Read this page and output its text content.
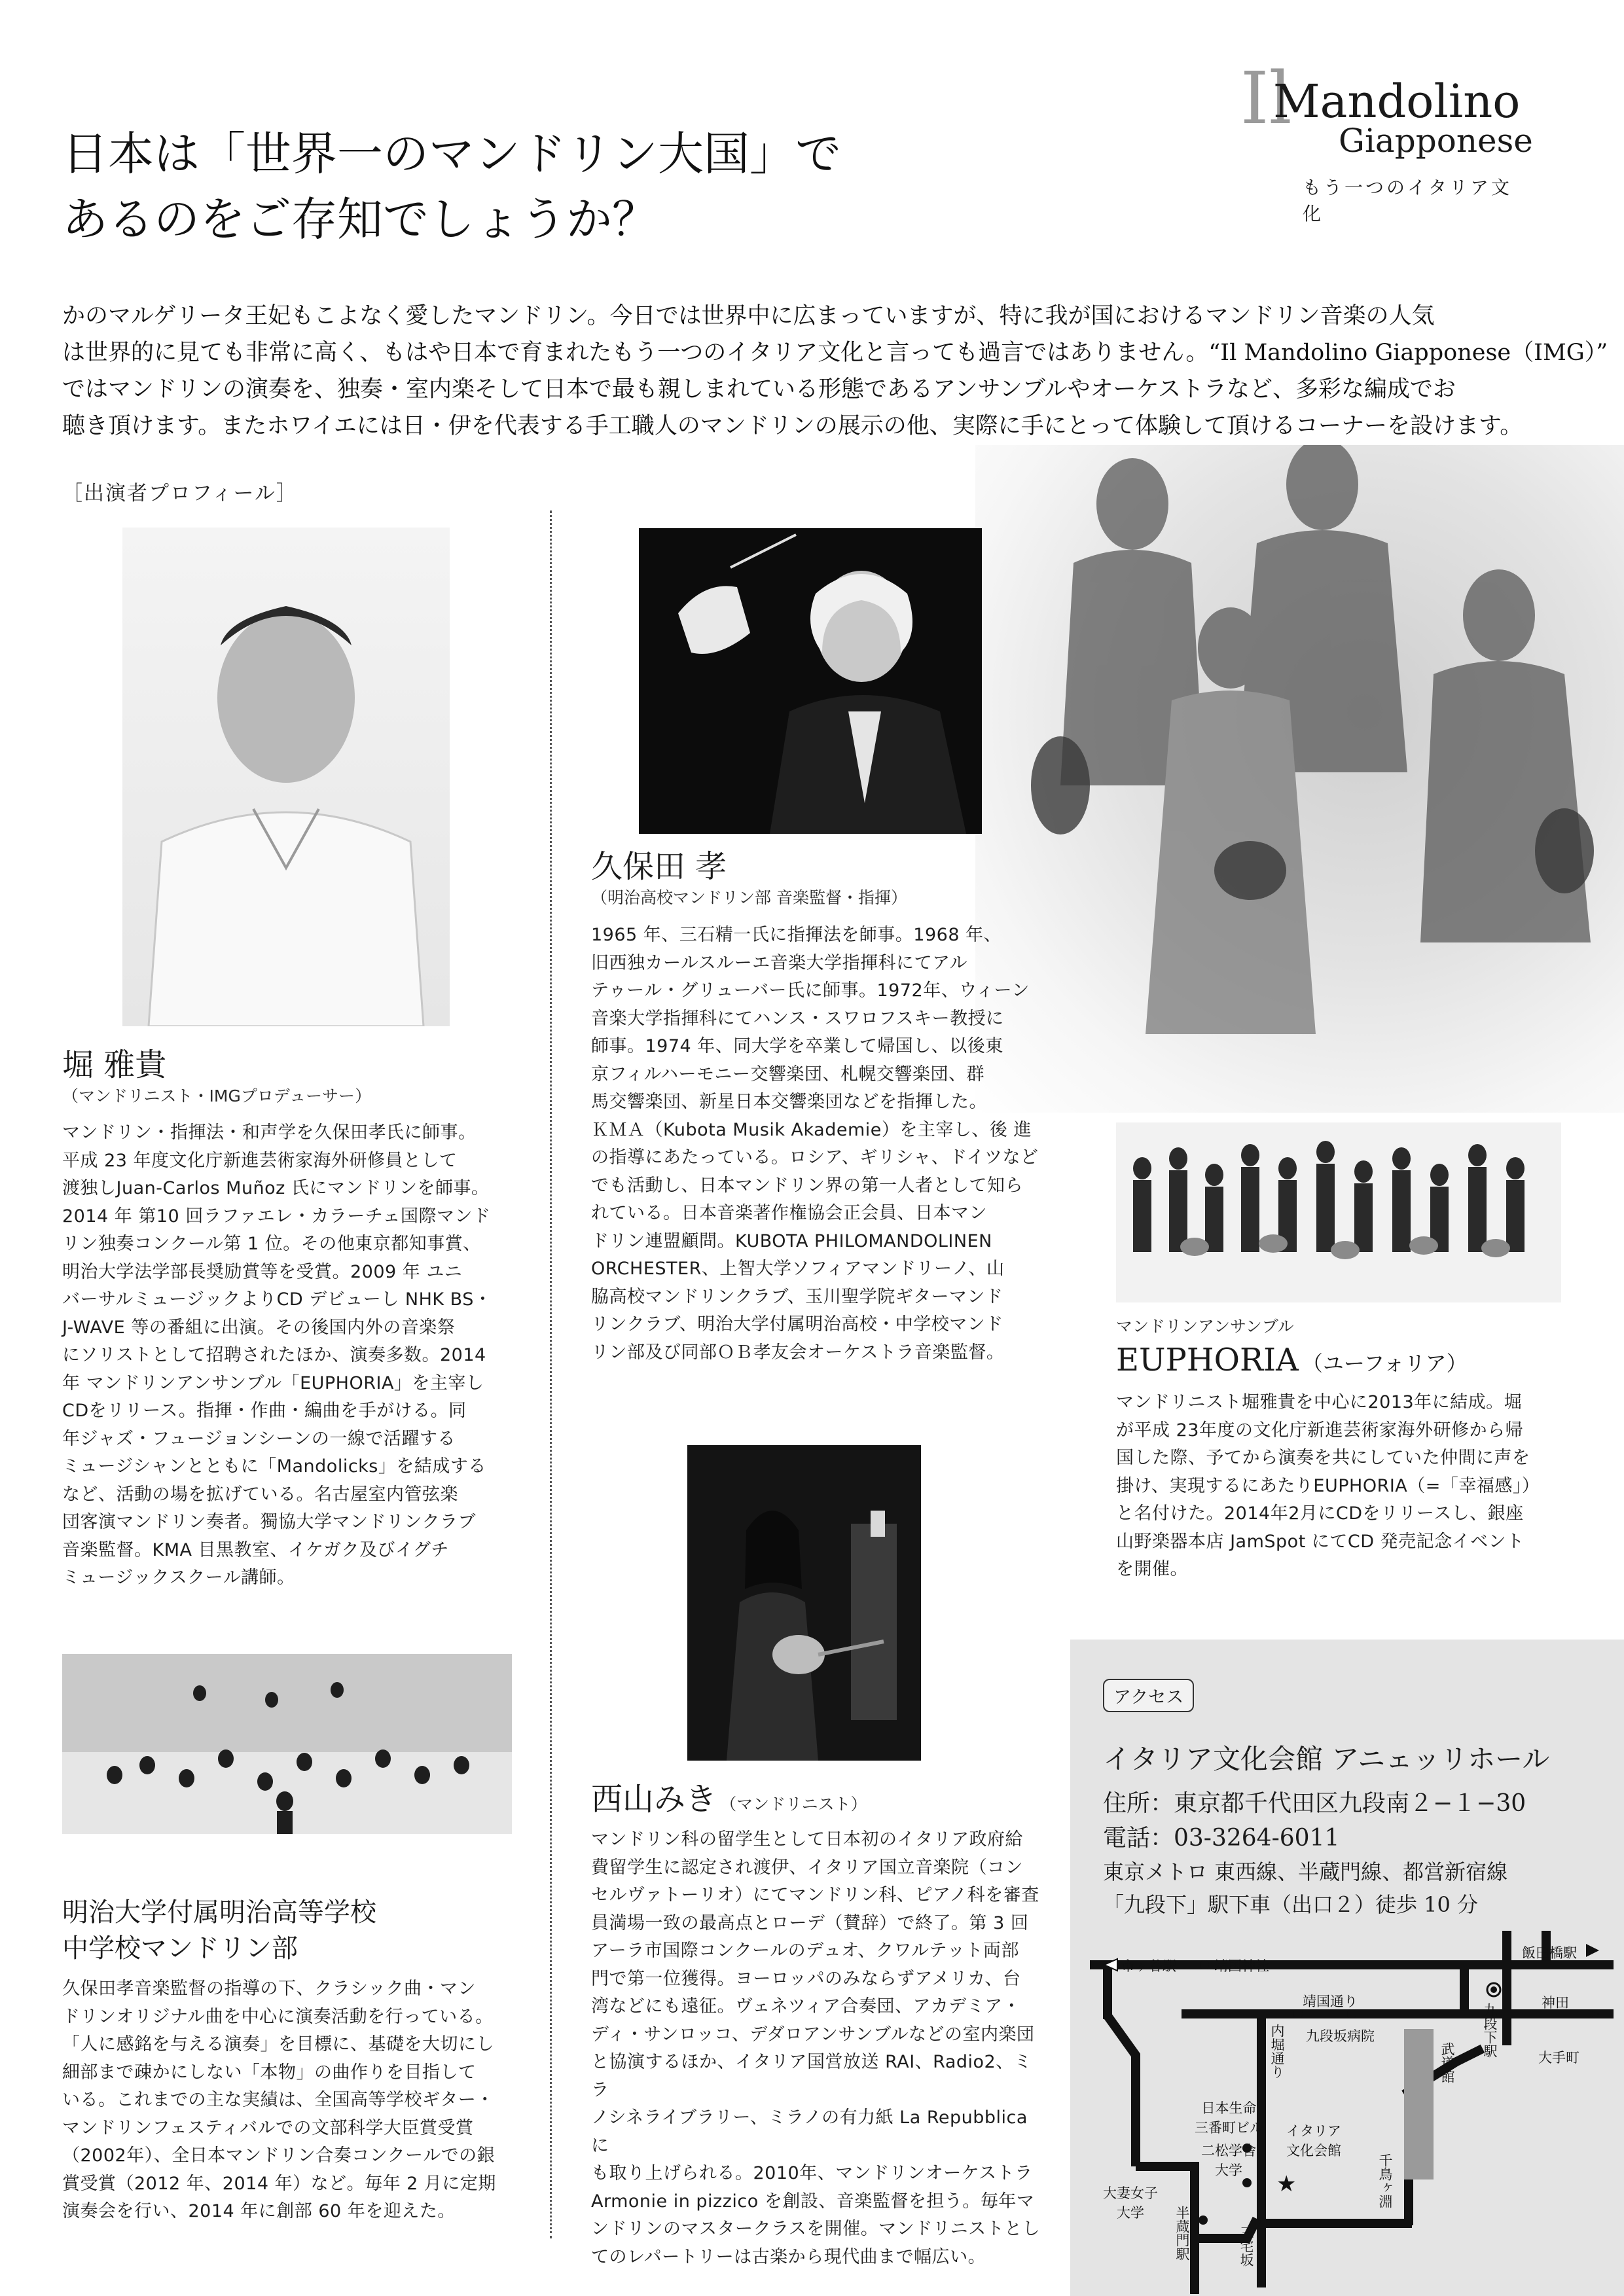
Il
Mandolino
Giapponese
もう一つのイタリア文化
日本は「世界一のマンドリン大国」で
あるのをご存知でしょうか？
かのマルゲリータ王妃もこよなく愛したマンドリン。今日では世界中に広まっていますが、特に我が国におけるマンドリン音楽の人気
は世界的に見ても非常に高く、もはや日本で育まれたもう一つのイタリア文化と言っても過言ではありません。“Il Mandolino Giapponese（IMG）”
ではマンドリンの演奏を、独奏・室内楽そして日本で最も親しまれている形態であるアンサンブルやオーケストラなど、多彩な編成でお
聴き頂けます。またホワイエには日・伊を代表する手工職人のマンドリンの展示の他、実際に手にとって体験して頂けるコーナーを設けます。
［出演者プロフィール］
堀 雅貴
（マンドリニスト・IMGプロデューサー）
マンドリン・指揮法・和声学を久保田孝氏に師事。
平成 23 年度文化庁新進芸術家海外研修員として
渡独しJuan-Carlos Muñoz 氏にマンドリンを師事。
2014 年 第10 回ラファエレ・カラーチェ国際マンド
リン独奏コンクール第 1 位。その他東京都知事賞、
明治大学法学部長奨励賞等を受賞。2009 年 ユニ
バーサルミュージックよりCD デビューし NHK BS・
J-WAVE 等の番組に出演。その後国内外の音楽祭
にソリストとして招聘されたほか、演奏多数。2014
年 マンドリンアンサンブル「EUPHORIA」を主宰し
CDをリリース。指揮・作曲・編曲を手がける。同
年ジャズ・フュージョンシーンの一線で活躍する
ミュージシャンとともに「Mandolicks」を結成する
など、活動の場を拡げている。名古屋室内管弦楽
団客演マンドリン奏者。獨協大学マンドリンクラブ
音楽監督。KMA 目黒教室、イケガク及びイグチ
ミュージックスクール講師。
久保田 孝
（明治高校マンドリン部 音楽監督・指揮）
1965 年、三石精一氏に指揮法を師事。1968 年、
旧西独カールスルーエ音楽大学指揮科にてアル
テゥール・グリューバー氏に師事。1972年、ウィーン
音楽大学指揮科にてハンス・スワロフスキー教授に
師事。1974 年、同大学を卒業して帰国し、以後東
京フィルハーモニー交響楽団、札幌交響楽団、群
馬交響楽団、新星日本交響楽団などを指揮した。
ＫＭＡ（Kubota Musik Akademie）を主宰し、後 進
の指導にあたっている。ロシア、ギリシャ、ドイツなど
でも活動し、日本マンドリン界の第一人者として知ら
れている。日本音楽著作権協会正会員、日本マン
ドリン連盟顧問。KUBOTA PHILOMANDOLINEN
ORCHESTER、上智大学ソフィアマンドリーノ、山
脇高校マンドリンクラブ、玉川聖学院ギターマンド
リンクラブ、明治大学付属明治高校・中学校マンド
リン部及び同部ＯＢ孝友会オーケストラ音楽監督。
マンドリンアンサンブル
EUPHORIA （ユーフォリア）
マンドリニスト堀雅貴を中心に2013年に結成。堀
が平成 23年度の文化庁新進芸術家海外研修から帰
国した際、予てから演奏を共にしていた仲間に声を
掛け、実現するにあたりEUPHORIA（=「幸福感」）
と名付けた。2014年2月にCDをリリースし、銀座
山野楽器本店 JamSpot にてCD 発売記念イベント
を開催。
明治大学付属明治高等学校
中学校マンドリン部
久保田孝音楽監督の指導の下、クラシック曲・マン
ドリンオリジナル曲を中心に演奏活動を行っている。
「人に感銘を与える演奏」を目標に、基礎を大切にし
細部まで疎かにしない「本物」の曲作りを目指して
いる。これまでの主な実績は、全国高等学校ギター・
マンドリンフェスティバルでの文部科学大臣賞受賞
（2002年）、全日本マンドリン合奏コンクールでの銀
賞受賞（2012 年、2014 年）など。毎年 2 月に定期
演奏会を行い、2014 年に創部 60 年を迎えた。
西山みき （マンドリニスト）
マンドリン科の留学生として日本初のイタリア政府給
費留学生に認定され渡伊、イタリア国立音楽院（コン
セルヴァトーリオ）にてマンドリン科、ピアノ科を審査
員満場一致の最高点とローデ（賛辞）で終了。第 3 回
アーラ市国際コンクールのデュオ、クワルテット両部
門で第一位獲得。ヨーロッパのみならずアメリカ、台
湾などにも遠征。ヴェネツィア合奏団、アカデミア・
ディ・サンロッコ、デダロアンサンブルなどの室内楽団
と協演するほか、イタリア国営放送 RAI、Radio2、ミラ
ノシネライブラリー、ミラノの有力紙 La Repubblica に
も取り上げられる。2010年、マンドリンオーケストラ
Armonie in pizzico を創設、音楽監督を担う。毎年マ
ンドリンのマスタークラスを開催。マンドリニストとし
てのレパートリーは古楽から現代曲まで幅広い。
アクセス
イタリア文化会館 アニェッリホール
住所：東京都千代田区九段南２−１−30
電話：03-3264-6011
東京メトロ 東西線、半蔵門線、都営新宿線
「九段下」駅下車（出口２）徒歩 10 分
★
市ヶ谷駅	靖国神社
飯田橋駅
神田
靖国通り
九段坂病院
内堀通り	九段下駅
武道館	大手町
日本生命
三番町ビル
二松学舎
大学
イタリア
文化会館
千鳥ヶ淵
大妻女子
大学	半蔵門駅	三宅坂
